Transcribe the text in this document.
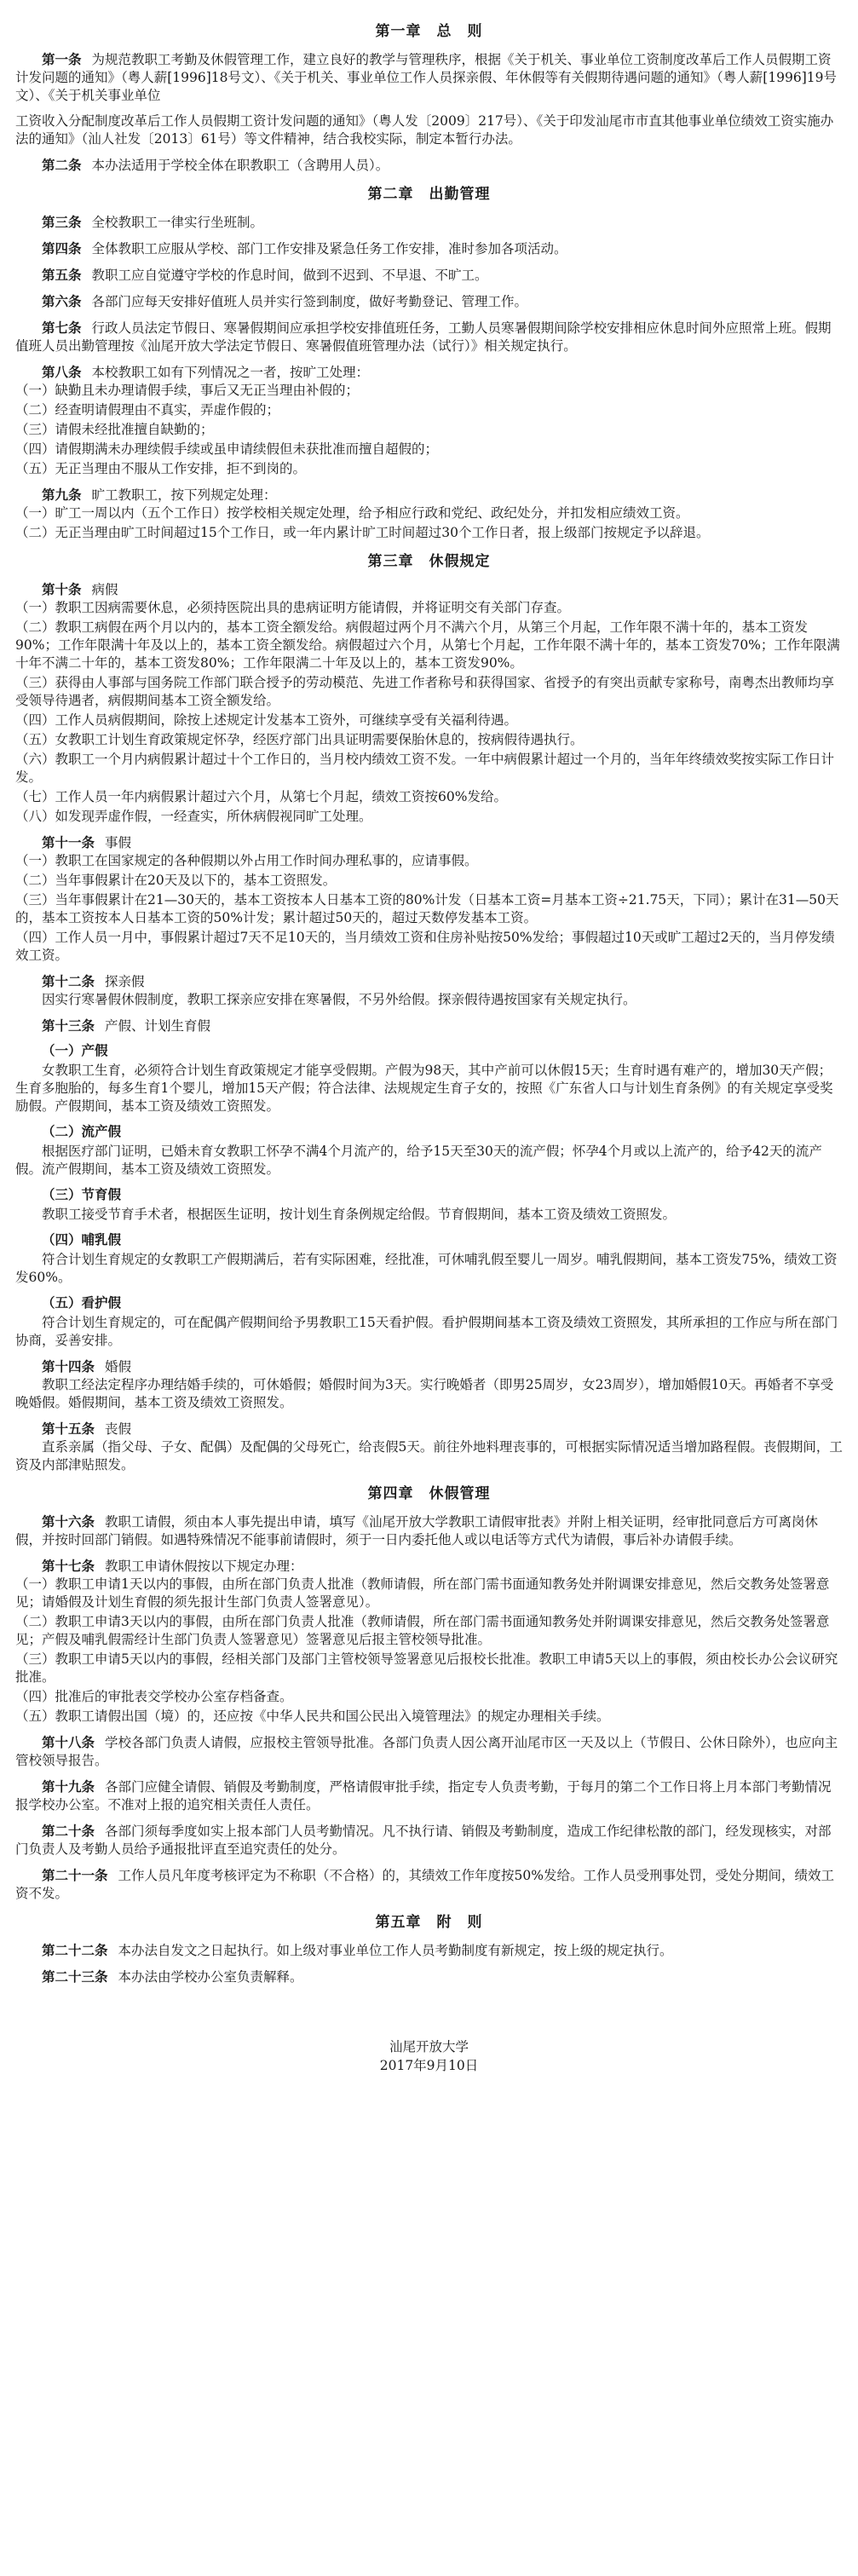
第一章　总　则
第一条 为规范教职工考勤及休假管理工作，建立良好的教学与管理秩序，根据《关于机关、事业单位工资制度改革后工作人员假期工资计发问题的通知》（粤人薪[1996]18号文）、《关于机关、事业单位工作人员探亲假、年休假等有关假期待遇问题的通知》（粤人薪[1996]19号文）、《关于机关事业单位
工资收入分配制度改革后工作人员假期工资计发问题的通知》（粤人发〔2009〕217号）、《关于印发汕尾市市直其他事业单位绩效工资实施办法的通知》（汕人社发〔2013〕61号）等文件精神，结合我校实际，制定本暂行办法。
第二条 本办法适用于学校全体在职教职工（含聘用人员）。
第二章　出勤管理
第三条 全校教职工一律实行坐班制。
第四条 全体教职工应服从学校、部门工作安排及紧急任务工作安排，准时参加各项活动。
第五条 教职工应自觉遵守学校的作息时间，做到不迟到、不早退、不旷工。
第六条 各部门应每天安排好值班人员并实行签到制度，做好考勤登记、管理工作。
第七条 行政人员法定节假日、寒暑假期间应承担学校安排值班任务，工勤人员寒暑假期间除学校安排相应休息时间外应照常上班。假期值班人员出勤管理按《汕尾开放大学法定节假日、寒暑假值班管理办法（试行）》相关规定执行。
第八条 本校教职工如有下列情况之一者，按旷工处理：
（一）缺勤且未办理请假手续，事后又无正当理由补假的；
（二）经查明请假理由不真实，弄虚作假的；
（三）请假未经批准擅自缺勤的；
（四）请假期满未办理续假手续或虽申请续假但未获批准而擅自超假的；
（五）无正当理由不服从工作安排，拒不到岗的。
第九条 旷工教职工，按下列规定处理：
（一）旷工一周以内（五个工作日）按学校相关规定处理，给予相应行政和党纪、政纪处分，并扣发相应绩效工资。
（二）无正当理由旷工时间超过15个工作日，或一年内累计旷工时间超过30个工作日者，报上级部门按规定予以辞退。
第三章　休假规定
第十条 病假
（一）教职工因病需要休息，必须持医院出具的患病证明方能请假，并将证明交有关部门存查。
（二）教职工病假在两个月以内的，基本工资全额发给。病假超过两个月不满六个月，从第三个月起，工作年限不满十年的，基本工资发90%；工作年限满十年及以上的，基本工资全额发给。病假超过六个月，从第七个月起，工作年限不满十年的，基本工资发70%；工作年限满十年不满二十年的，基本工资发80%；工作年限满二十年及以上的，基本工资发90%。
（三）获得由人事部与国务院工作部门联合授予的劳动模范、先进工作者称号和获得国家、省授予的有突出贡献专家称号，南粤杰出教师均享受领导待遇者，病假期间基本工资全额发给。
（四）工作人员病假期间，除按上述规定计发基本工资外，可继续享受有关福利待遇。
（五）女教职工计划生育政策规定怀孕，经医疗部门出具证明需要保胎休息的，按病假待遇执行。
（六）教职工一个月内病假累计超过十个工作日的，当月校内绩效工资不发。一年中病假累计超过一个月的，当年年终绩效奖按实际工作日计发。
（七）工作人员一年内病假累计超过六个月，从第七个月起，绩效工资按60%发给。
（八）如发现弄虚作假，一经查实，所休病假视同旷工处理。
第十一条 事假
（一）教职工在国家规定的各种假期以外占用工作时间办理私事的，应请事假。
（二）当年事假累计在20天及以下的，基本工资照发。
（三）当年事假累计在21—30天的，基本工资按本人日基本工资的80%计发（日基本工资=月基本工资÷21.75天，下同）；累计在31—50天的，基本工资按本人日基本工资的50%计发；累计超过50天的，超过天数停发基本工资。
（四）工作人员一月中，事假累计超过7天不足10天的，当月绩效工资和住房补贴按50%发给；事假超过10天或旷工超过2天的，当月停发绩效工资。
第十二条 探亲假
因实行寒暑假休假制度，教职工探亲应安排在寒暑假，不另外给假。探亲假待遇按国家有关规定执行。
第十三条 产假、计划生育假
（一）产假
女教职工生育，必须符合计划生育政策规定才能享受假期。产假为98天，其中产前可以休假15天；生育时遇有难产的，增加30天产假；生育多胞胎的，每多生育1个婴儿，增加15天产假；符合法律、法规规定生育子女的，按照《广东省人口与计划生育条例》的有关规定享受奖励假。产假期间，基本工资及绩效工资照发。
（二）流产假
根据医疗部门证明，已婚未育女教职工怀孕不满4个月流产的，给予15天至30天的流产假；怀孕4个月或以上流产的，给予42天的流产假。流产假期间，基本工资及绩效工资照发。
（三）节育假
教职工接受节育手术者，根据医生证明，按计划生育条例规定给假。节育假期间，基本工资及绩效工资照发。
（四）哺乳假
符合计划生育规定的女教职工产假期满后，若有实际困难，经批准，可休哺乳假至婴儿一周岁。哺乳假期间，基本工资发75%，绩效工资发60%。
（五）看护假
符合计划生育规定的，可在配偶产假期间给予男教职工15天看护假。看护假期间基本工资及绩效工资照发，其所承担的工作应与所在部门协商，妥善安排。
第十四条 婚假
教职工经法定程序办理结婚手续的，可休婚假；婚假时间为3天。实行晚婚者（即男25周岁，女23周岁），增加婚假10天。再婚者不享受晚婚假。婚假期间，基本工资及绩效工资照发。
第十五条 丧假
直系亲属（指父母、子女、配偶）及配偶的父母死亡，给丧假5天。前往外地料理丧事的，可根据实际情况适当增加路程假。丧假期间，工资及内部津贴照发。
第四章　休假管理
第十六条 教职工请假，须由本人事先提出申请，填写《汕尾开放大学教职工请假审批表》并附上相关证明，经审批同意后方可离岗休假，并按时回部门销假。如遇特殊情况不能事前请假时，须于一日内委托他人或以电话等方式代为请假，事后补办请假手续。
第十七条 教职工申请休假按以下规定办理：
（一）教职工申请1天以内的事假，由所在部门负责人批准（教师请假，所在部门需书面通知教务处并附调课安排意见，然后交教务处签署意见；请婚假及计划生育假的须先报计生部门负责人签署意见）。
（二）教职工申请3天以内的事假，由所在部门负责人批准（教师请假，所在部门需书面通知教务处并附调课安排意见，然后交教务处签署意见；产假及哺乳假需经计生部门负责人签署意见）签署意见后报主管校领导批准。
（三）教职工申请5天以内的事假，经相关部门及部门主管校领导签署意见后报校长批准。教职工申请5天以上的事假，须由校长办公会议研究批准。
（四）批准后的审批表交学校办公室存档备查。
（五）教职工请假出国（境）的，还应按《中华人民共和国公民出入境管理法》的规定办理相关手续。
第十八条 学校各部门负责人请假，应报校主管领导批准。各部门负责人因公离开汕尾市区一天及以上（节假日、公休日除外），也应向主管校领导报告。
第十九条 各部门应健全请假、销假及考勤制度，严格请假审批手续，指定专人负责考勤，于每月的第二个工作日将上月本部门考勤情况报学校办公室。不准对上报的追究相关责任人责任。
第二十条 各部门须每季度如实上报本部门人员考勤情况。凡不执行请、销假及考勤制度，造成工作纪律松散的部门，经发现核实，对部门负责人及考勤人员给予通报批评直至追究责任的处分。
第二十一条 工作人员凡年度考核评定为不称职（不合格）的，其绩效工作年度按50%发给。工作人员受刑事处罚，受处分期间，绩效工资不发。
第五章　附　则
第二十二条 本办法自发文之日起执行。如上级对事业单位工作人员考勤制度有新规定，按上级的规定执行。
第二十三条 本办法由学校办公室负责解释。
汕尾开放大学
2017年9月10日
